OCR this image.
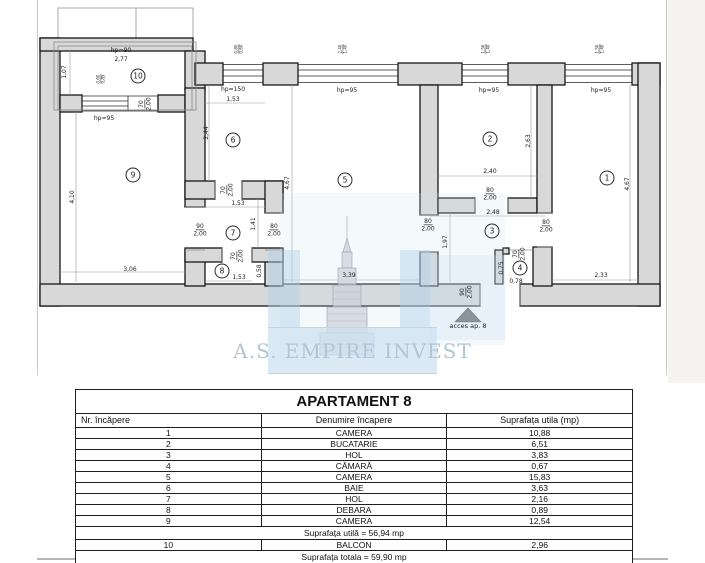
A.S. EMPIRE INVEST
acces ap. 8
hp=90
2,77
1,07
0,60 0,85
hp=95
70 2,00
0,80 0,60
hp=150
1,53
2,44
4,10
3,06
70 2,00
1,53
$\frac{90}{2,00}$	$1,41 \frac{80}{2,00}$
70 2,00
1,53 0,58
2,40 1,40
hp=95
4,67
3,39
$\frac{80}{2,00}$
1,50 1,40
hp=95
2,63
2,40
$\frac{80}{2,00}$
2,48
1,97
$\frac{80}{2,00}$
90 2,00
70 2,00
0,75
0,78
1,50 1,40
hp=95
4,67
2,33
10
9
6
7
8
5
2
3
4
1
APARTAMENT 8		
Nr. încăpere	Denumire încapere	Suprafața utila (mp)
1	CAMERA	10,88
2	BUCATARIE	6,51
3	HOL	3,83
4	CĂMARĂ	0,67
5	CAMERA	15,83
6	BAIE	3,63
7	HOL	2,16
8	DEBARA	0,89
9	CAMERA	12,54
Suprafața utilă = 56,94 mp		
10	BALCON	2,96
Suprafața totala = 59,90 mp		
